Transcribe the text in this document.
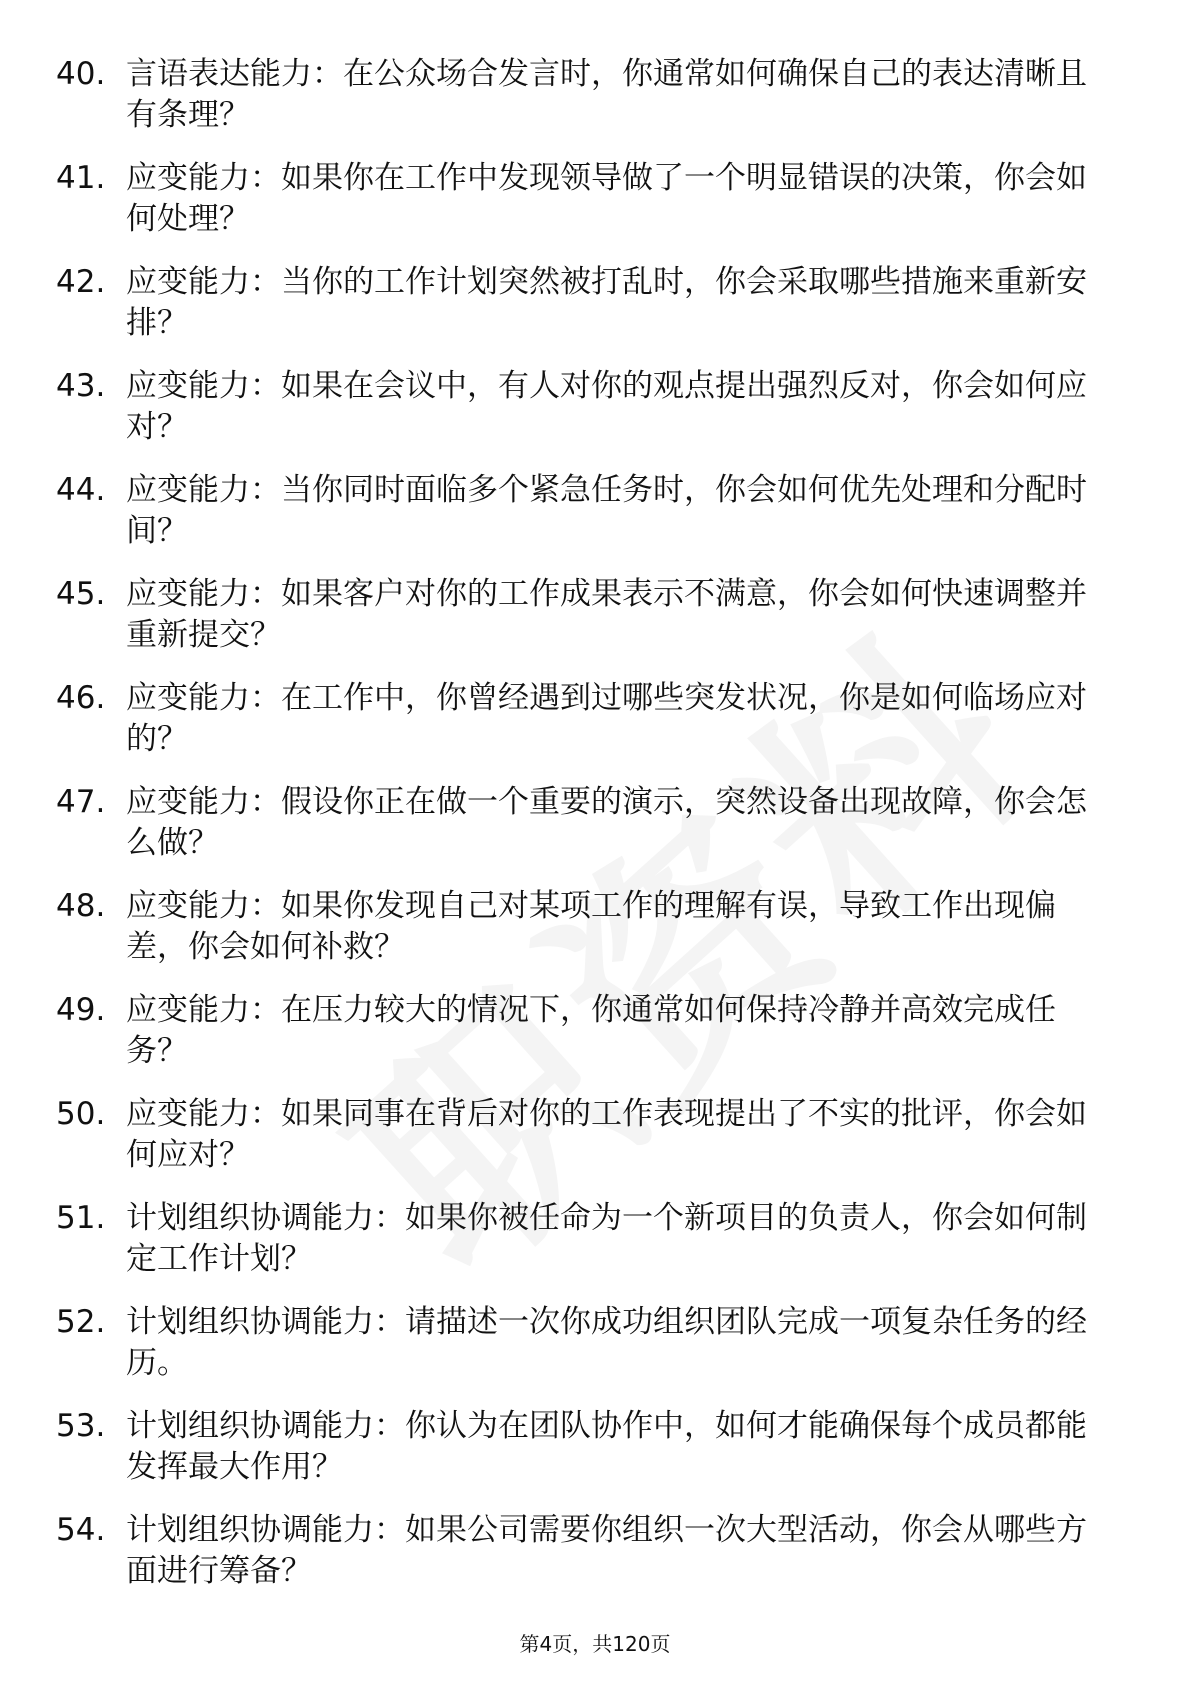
40. 言语表达能力：在公众场合发言时，你通常如何确保自己的表达清晰且有条理？
41. 应变能力：如果你在工作中发现领导做了一个明显错误的决策，你会如何处理？
42. 应变能力：当你的工作计划突然被打乱时，你会采取哪些措施来重新安排？
43. 应变能力：如果在会议中，有人对你的观点提出强烈反对，你会如何应对？
44. 应变能力：当你同时面临多个紧急任务时，你会如何优先处理和分配时间？
45. 应变能力：如果客户对你的工作成果表示不满意，你会如何快速调整并重新提交？
46. 应变能力：在工作中，你曾经遇到过哪些突发状况，你是如何临场应对的？
47. 应变能力：假设你正在做一个重要的演示，突然设备出现故障，你会怎么做？
48. 应变能力：如果你发现自己对某项工作的理解有误，导致工作出现偏差，你会如何补救？
49. 应变能力：在压力较大的情况下，你通常如何保持冷静并高效完成任务？
50. 应变能力：如果同事在背后对你的工作表现提出了不实的批评，你会如何应对？
51. 计划组织协调能力：如果你被任命为一个新项目的负责人，你会如何制定工作计划？
52. 计划组织协调能力：请描述一次你成功组织团队完成一项复杂任务的经历。
53. 计划组织协调能力：你认为在团队协作中，如何才能确保每个成员都能发挥最大作用？
54. 计划组织协调能力：如果公司需要你组织一次大型活动，你会从哪些方面进行筹备？
第4页，共120页
